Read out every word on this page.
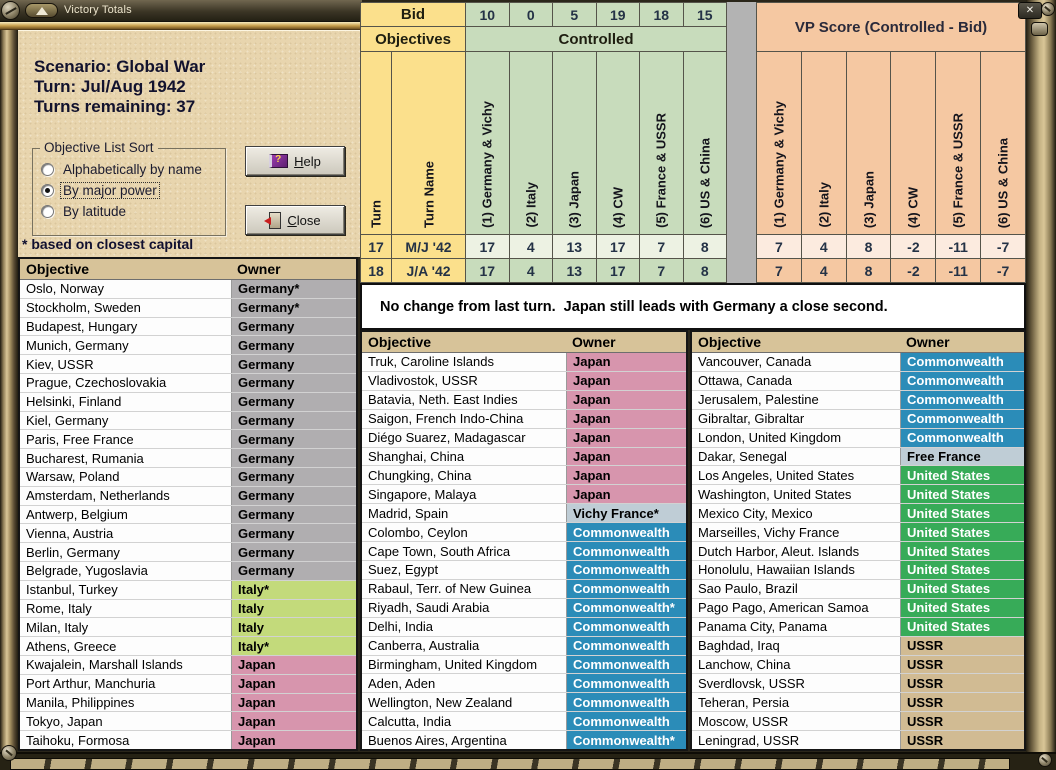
Victory Totals	✕
Scenario: Global War
Turn: Jul/Aug 1942
Turns remaining: 37
Objective List Sort
Alphabetically by name
By major power
By latitude
?
Help
Close
* based on closest capital
Bid	10	0	5	19	18	15
Objectives	Controlled
Turn	Turn Name	(1) Germany & Vichy (2) Italy (3) Japan (4) CW (5) France & USSR (6) US & China
17	M/J '42	17	4	13	17	7	8
18	J/A '42	17	4	13	17	7	8
VP Score (Controlled - Bid)
(1) Germany & Vichy (2) Italy (3) Japan (4) CW (5) France & USSR (6) US & China
7	4	8	-2	-11	-7
7	4	8	-2	-11	-7
No change from last turn.  Japan still leads with Germany a close second.
Objective	Owner
Oslo, Norway	Germany*
Stockholm, Sweden	Germany*
Budapest, Hungary	Germany
Munich, Germany	Germany
Kiev, USSR	Germany
Prague, Czechoslovakia	Germany
Helsinki, Finland	Germany
Kiel, Germany	Germany
Paris, Free France	Germany
Bucharest, Rumania	Germany
Warsaw, Poland	Germany
Amsterdam, Netherlands	Germany
Antwerp, Belgium	Germany
Vienna, Austria	Germany
Berlin, Germany	Germany
Belgrade, Yugoslavia	Germany
Istanbul, Turkey	Italy*
Rome, Italy	Italy
Milan, Italy	Italy
Athens, Greece	Italy*
Kwajalein, Marshall Islands	Japan
Port Arthur, Manchuria	Japan
Manila, Philippines	Japan
Tokyo, Japan	Japan
Taihoku, Formosa	Japan
Objective	Owner
Truk, Caroline Islands	Japan
Vladivostok, USSR	Japan
Batavia, Neth. East Indies	Japan
Saigon, French Indo-China	Japan
Diégo Suarez, Madagascar	Japan
Shanghai, China	Japan
Chungking, China	Japan
Singapore, Malaya	Japan
Madrid, Spain	Vichy France*
Colombo, Ceylon	Commonwealth
Cape Town, South Africa	Commonwealth
Suez, Egypt	Commonwealth
Rabaul, Terr. of New Guinea	Commonwealth
Riyadh, Saudi Arabia	Commonwealth*
Delhi, India	Commonwealth
Canberra, Australia	Commonwealth
Birmingham, United Kingdom	Commonwealth
Aden, Aden	Commonwealth
Wellington, New Zealand	Commonwealth
Calcutta, India	Commonwealth
Buenos Aires, Argentina	Commonwealth*
Objective	Owner
Vancouver, Canada	Commonwealth
Ottawa, Canada	Commonwealth
Jerusalem, Palestine	Commonwealth
Gibraltar, Gibraltar	Commonwealth
London, United Kingdom	Commonwealth
Dakar, Senegal	Free France
Los Angeles, United States	United States
Washington, United States	United States
Mexico City, Mexico	United States
Marseilles, Vichy France	United States
Dutch Harbor, Aleut. Islands	United States
Honolulu, Hawaiian Islands	United States
Sao Paulo, Brazil	United States
Pago Pago, American Samoa	United States
Panama City, Panama	United States
Baghdad, Iraq	USSR
Lanchow, China	USSR
Sverdlovsk, USSR	USSR
Teheran, Persia	USSR
Moscow, USSR	USSR
Leningrad, USSR	USSR
